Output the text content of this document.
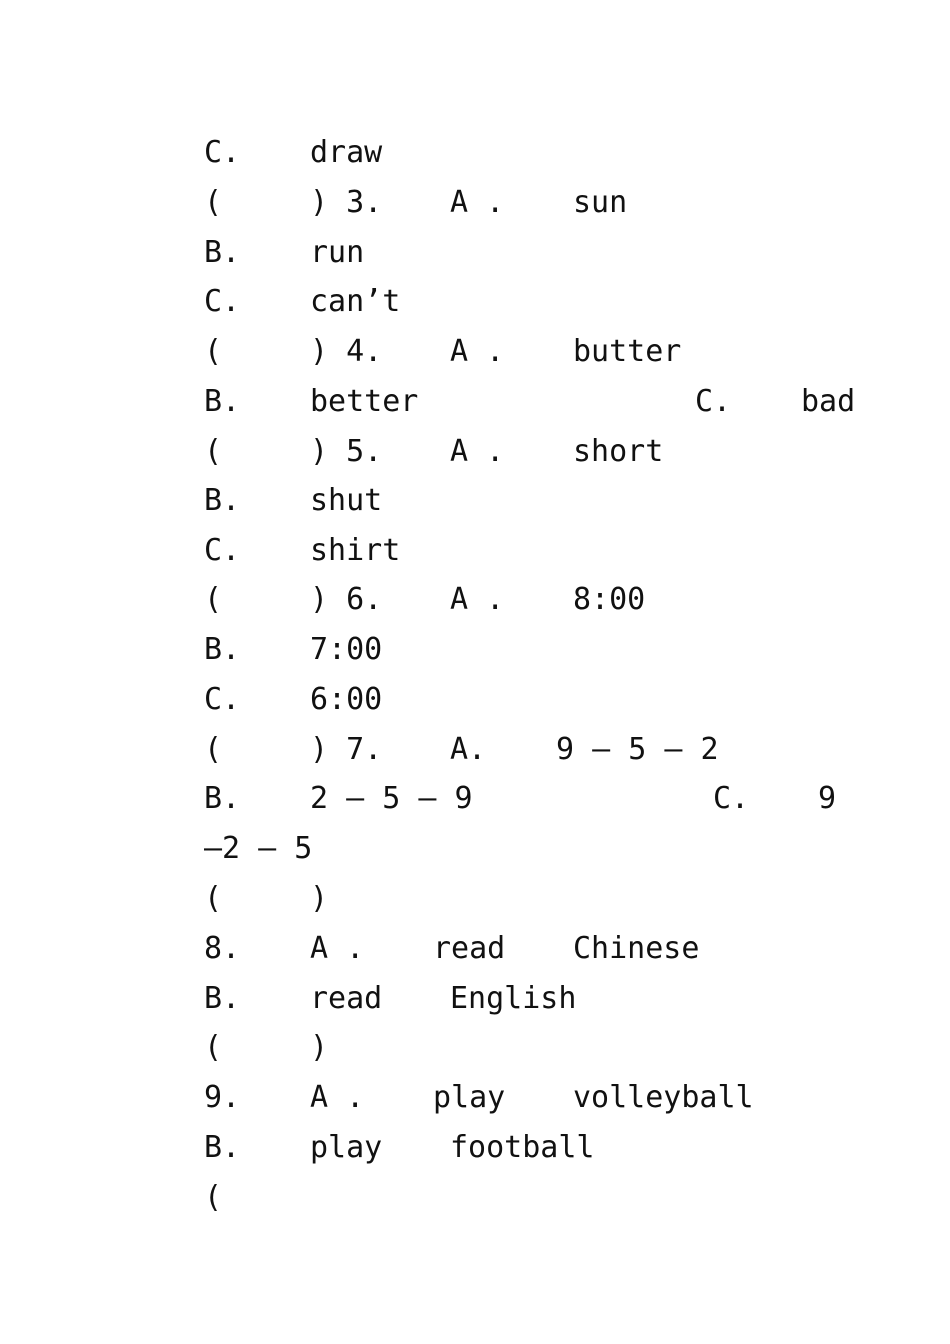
C. draw
(	) 3. A . sun
B. run
C. can’t
(	) 4. A . butter
B. better	C. bad
(	) 5. A . short
B. shut
C. shirt
(	) 6. A . 8:00
B. 7:00
C. 6:00
(	) 7. A. 9 – 5 – 2
B. 2 – 5 – 9	C. 9
–2 – 5
(	)
8. A . read Chinese
B. read English
(	)
9. A . play volleyball
B. play football
(
